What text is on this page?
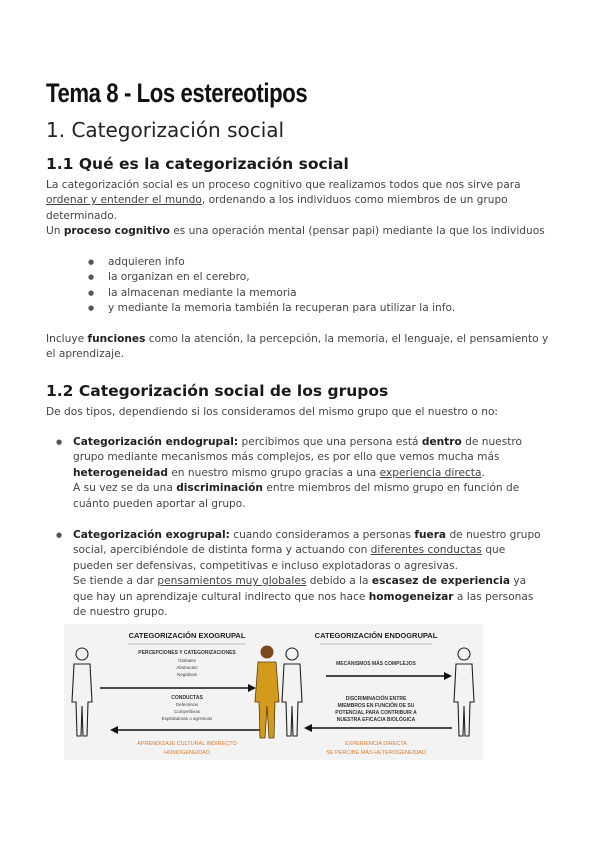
Tema 8 - Los estereotipos
1. Categorización social
1.1 Qué es la categorización social
La categorización social es un proceso cognitivo que realizamos todos que nos sirve para ordenar y entender el mundo, ordenando a los individuos como miembros de un grupo determinado.
Un proceso cognitivo es una operación mental (pensar papi) mediante la que los individuos
● adquieren info
● la organizan en el cerebro,
● la almacenan mediante la memoria
● y mediante la memoria también la recuperan para utilizar la info.
Incluye funciones como la atención, la percepción, la memoria, el lenguaje, el pensamiento y el aprendizaje.
1.2 Categorización social de los grupos
De dos tipos, dependiendo si los consideramos del mismo grupo que el nuestro o no:
● Categorización endogrupal: percibimos que una persona está dentro de nuestro grupo mediante mecanismos más complejos, es por ello que vemos mucha más heterogeneidad en nuestro mismo grupo gracias a una experiencia directa.
A su vez se da una discriminación entre miembros del mismo grupo en función de cuánto pueden aportar al grupo.
● Categorización exogrupal: cuando consideramos a personas fuera de nuestro grupo social, apercibiéndole de distinta forma y actuando con diferentes conductas que pueden ser defensivas, competitivas e incluso explotadoras o agresivas.
Se tiende a dar pensamientos muy globales debido a la escasez de experiencia ya que hay un aprendizaje cultural indirecto que nos hace homogeneizar a las personas de nuestro grupo.
CATEGORIZACIÓN EXOGRUPAL
PERCEPCIONES Y CATEGORIZACIONES
Globales
Abstractas
Negativas
CONDUCTAS
Defensivas
Competitivas
Explotadoras o agresivas
APRENDIZAJE CULTURAL INDIRECTO
HOMOGENEIDAD
CATEGORIZACIÓN ENDOGRUPAL
MECANISMOS MÁS COMPLEJOS
DISCRIMINACIÓN ENTRE
MIEMBROS EN FUNCIÓN DE SU
POTENCIAL PARA CONTRIBUIR A
NUESTRA EFICACIA BIOLÓGICA
EXPERIENCIA DIRECTA
SE PERCIBE MÁS HETEROGENEIDAD
